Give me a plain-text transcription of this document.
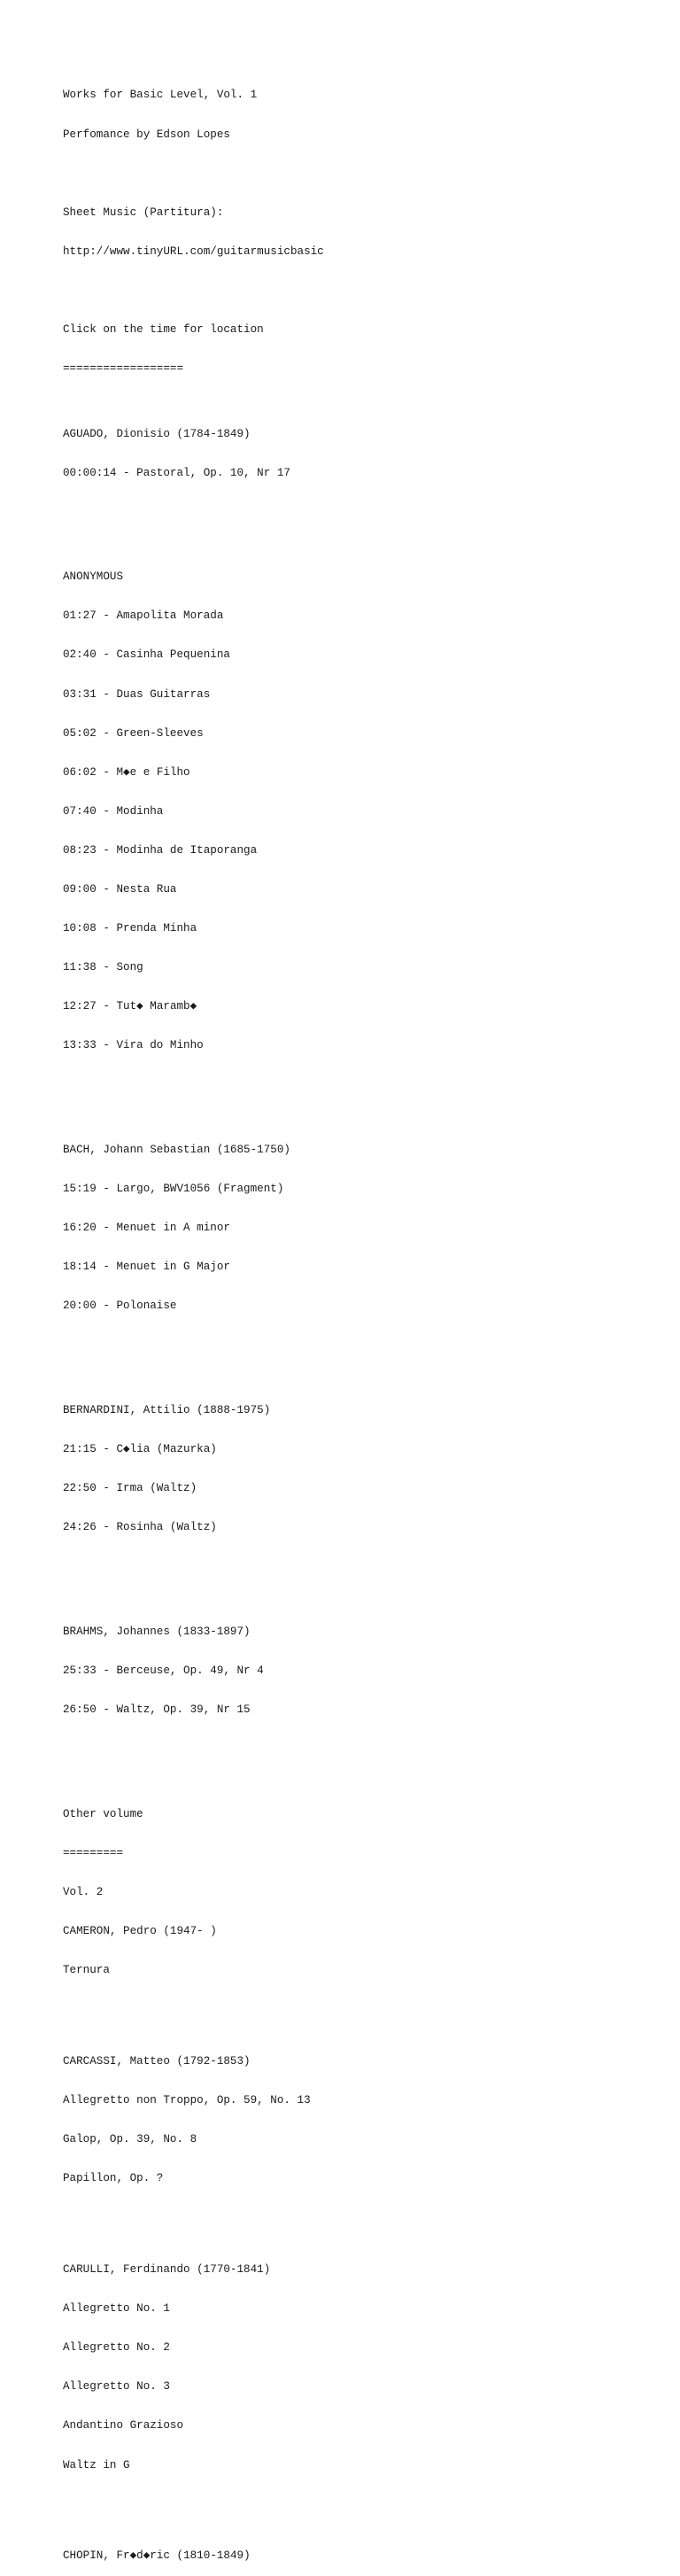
Works for Basic Level, Vol. 1

Perfomance by Edson Lopes

Sheet Music (Partitura):

http://www.tinyURL.com/guitarmusicbasic

Click on the time for location

==================

AGUADO, Dionisio (1784-1849)

00:00:14 - Pastoral, Op. 10, Nr 17

ANONYMOUS

01:27 - Amapolita Morada

02:40 - Casinha Pequenina

03:31 - Duas Guitarras

05:02 - Green-Sleeves

06:02 - M◆e e Filho

07:40 - Modinha

08:23 - Modinha de Itaporanga

09:00 - Nesta Rua

10:08 - Prenda Minha

11:38 - Song

12:27 - Tut◆ Maramb◆

13:33 - Vira do Minho

BACH, Johann Sebastian (1685-1750)

15:19 - Largo, BWV1056 (Fragment)

16:20 - Menuet in A minor

18:14 - Menuet in G Major

20:00 - Polonaise

BERNARDINI, Attilio (1888-1975)

21:15 - C◆lia (Mazurka)

22:50 - Irma (Waltz)

24:26 - Rosinha (Waltz)

BRAHMS, Johannes (1833-1897)

25:33 - Berceuse, Op. 49, Nr 4

26:50 - Waltz, Op. 39, Nr 15

Other volume

=========

Vol. 2

CAMERON, Pedro (1947- )

Ternura

CARCASSI, Matteo (1792-1853)

Allegretto non Troppo, Op. 59, No. 13

Galop, Op. 39, No. 8

Papillon, Op. ?

CARULLI, Ferdinando (1770-1841)

Allegretto No. 1

Allegretto No. 2

Allegretto No. 3

Andantino Grazioso

Waltz in G

CHOPIN, Fr◆d◆ric (1810-1849)
